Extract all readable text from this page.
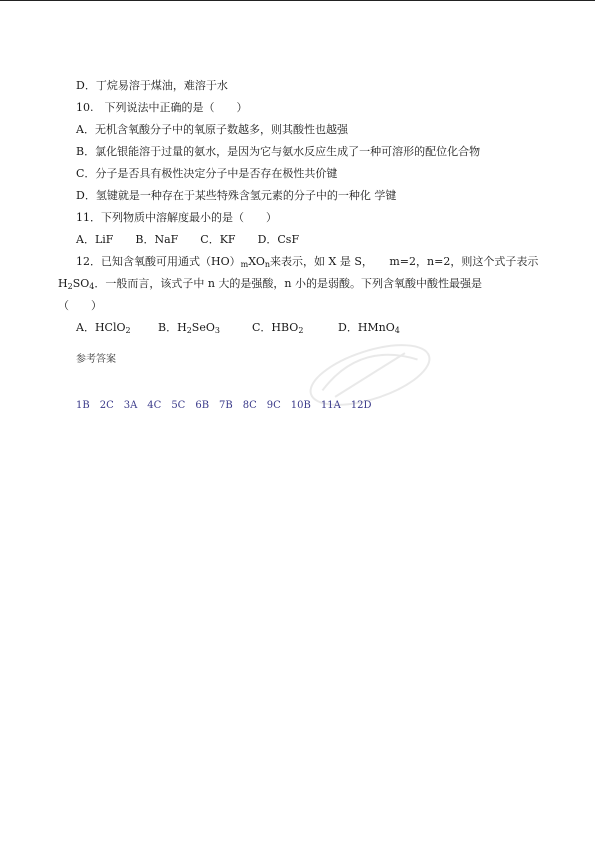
D．丁烷易溶于煤油，难溶于水
10.　下列说法中正确的是（　　）
A．无机含氧酸分子中的氧原子数越多，则其酸性也越强
B．氯化银能溶于过量的氨水，是因为它与氨水反应生成了一种可溶形的配位化合物
C．分子是否具有极性决定分子中是否存在极性共价键
D．氢键就是一种存在于某些特殊含氢元素的分子中的一种化 学键
11．下列物质中溶解度最小的是（　　）
A．LiF　　B．NaF　　C．KF　　D．CsF
12．已知含氧酸可用通式$(HO)_mXO_n$来表示，如 X 是 S，　　m=2，n=2，则这个式子表示
$H_2SO_4$．一般而言，该式子中 n 大的是强酸，n 小的是弱酸。下列含氧酸中酸性最强是
（　　）
A．HClO$_2$ B．$H_2SeO_3$	C．$HBO_2$	D．HMnO$_4$
参考答案
1B　2C　3A　4C　5C　6B　7B　8C　9C　10B　11A　12D
